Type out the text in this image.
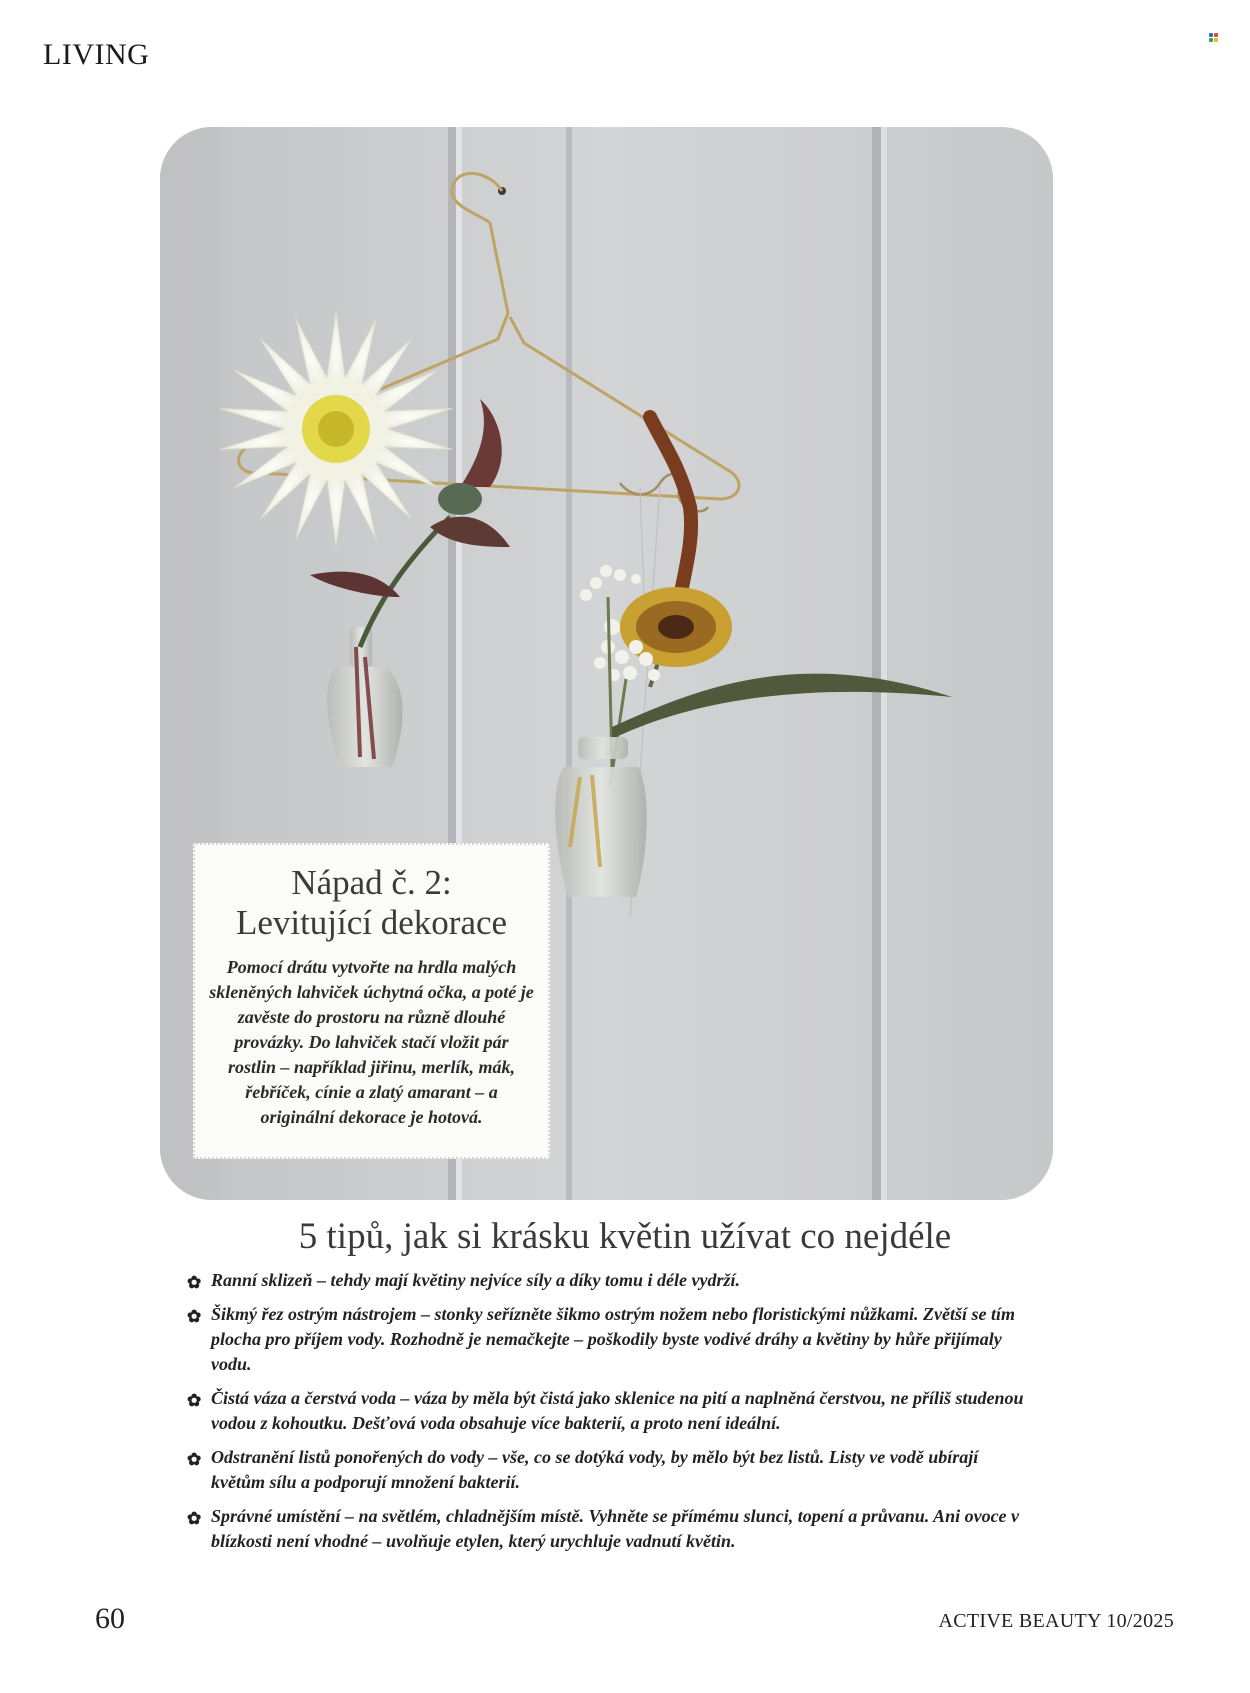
LIVING
Nápad č. 2:
Levitující dekorace
Pomocí drátu vytvořte na hrdla malých skleněných lahviček úchytná očka, a poté je zavěste do prostoru na různě dlouhé provázky. Do lahviček stačí vložit pár rostlin – například jiřinu, merlík, mák, řebříček, cínie a zlatý amarant – a originální dekorace je hotová.
5 tipů, jak si krásku květin užívat co nejdéle
✿ Ranní sklizeň – tehdy mají květiny nejvíce síly a díky tomu i déle vydrží.
✿ Šikmý řez ostrým nástrojem – stonky seřízněte šikmo ostrým nožem nebo floristickými nůžkami. Zvětší se tím plocha pro příjem vody. Rozhodně je nemačkejte – poškodily byste vodivé dráhy a květiny by hůře přijímaly vodu.
✿ Čistá váza a čerstvá voda – váza by měla být čistá jako sklenice na pití a naplněná čerstvou, ne příliš studenou vodou z kohoutku. Dešťová voda obsahuje více bakterií, a proto není ideální.
✿ Odstranění listů ponořených do vody – vše, co se dotýká vody, by mělo být bez listů. Listy ve vodě ubírají květům sílu a podporují množení bakterií.
✿ Správné umístění – na světlém, chladnějším místě. Vyhněte se přímému slunci, topení a průvanu. Ani ovoce v blízkosti není vhodné – uvolňuje etylen, který urychluje vadnutí květin.
60	ACTIVE BEAUTY 10/2025
